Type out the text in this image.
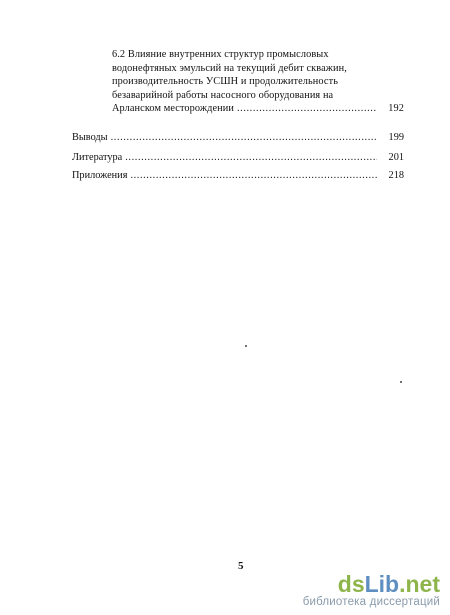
6.2 Влияние внутренних структур промысловых
водонефтяных эмульсий на текущий дебит скважин,
производительность УСШН и продолжительность
безаварийной работы насосного оборудования на
Арланском месторождении .....	192
Выводы .....	199
Литература .....	201
Приложения .....	218
5
dsLib.net
библиотека диссертаций
